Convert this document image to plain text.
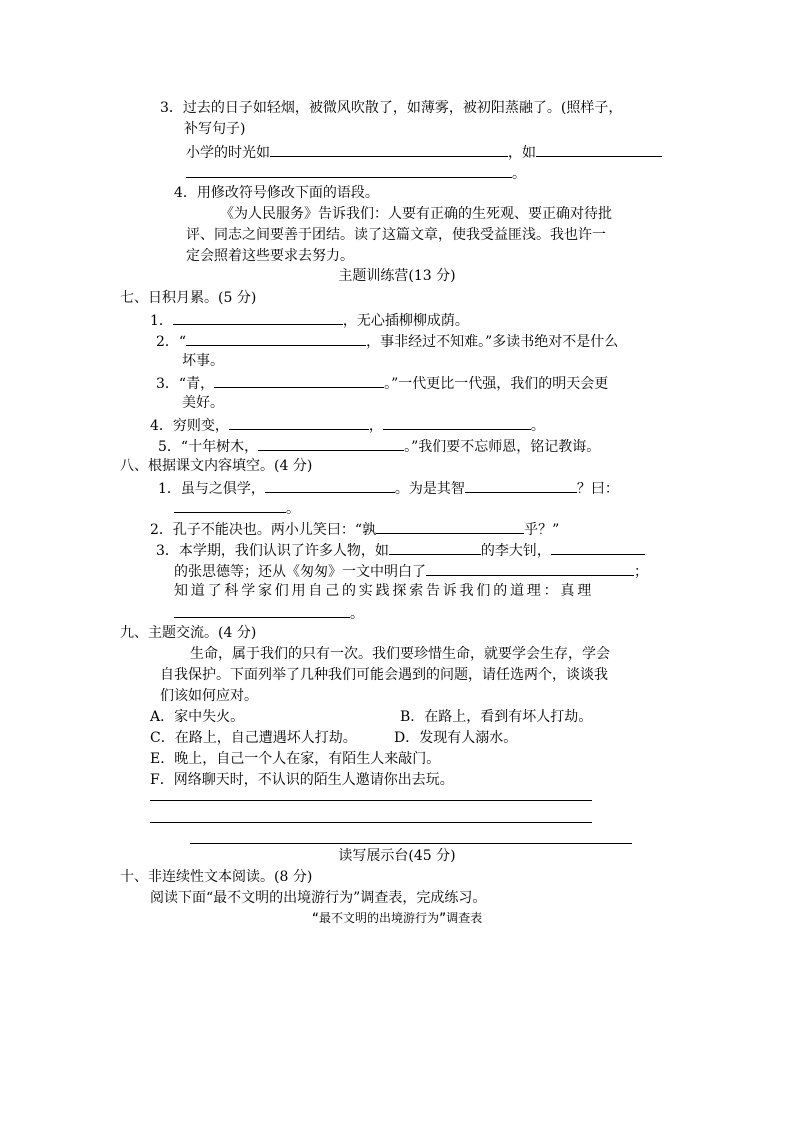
3．过去的日子如轻烟，被微风吹散了，如薄雾，被初阳蒸融了。(照样子，
补写句子)
小学的时光如	，如
。
4．用修改符号修改下面的语段。
《为人民服务》告诉我们：人要有正确的生死观、要正确对待批
评、同志之间要善于团结。读了这篇文章，使我受益匪浅。我也许一
定会照着这些要求去努力。
主题训练营(13 分)
七、日积月累。(5 分)
1．	，无心插柳柳成荫。
2．“	，事非经过不知难。”多读书绝对不是什么
坏事。
3．“青，	。”一代更比一代强，我们的明天会更
美好。
4．穷则变，	，	。
5．“十年树木，	。”我们要不忘师恩，铭记教诲。
八、根据课文内容填空。(4 分)
1．虽与之俱学，	。为是其智	？曰：
。
2．孔子不能决也。两小儿笑曰：“孰	乎？”
3．本学期，我们认识了许多人物，如	的李大钊，
的张思德等；还从《匆匆》一文中明白了	；
知道了科学家们用自己的实践探索告诉我们的道理：真理
。
九、主题交流。(4 分)
生命，属于我们的只有一次。我们要珍惜生命，就要学会生存，学会
自我保护。下面列举了几种我们可能会遇到的问题，请任选两个，谈谈我
们该如何应对。
A．家中失火。	B．在路上，看到有坏人打劫。
C．在路上，自己遭遇坏人打劫。	D．发现有人溺水。
E．晚上，自己一个人在家，有陌生人来敲门。
F．网络聊天时，不认识的陌生人邀请你出去玩。
读写展示台(45 分)
十、非连续性文本阅读。(8 分)
阅读下面“最不文明的出境游行为”调查表，完成练习。
“最不文明的出境游行为”调查表
